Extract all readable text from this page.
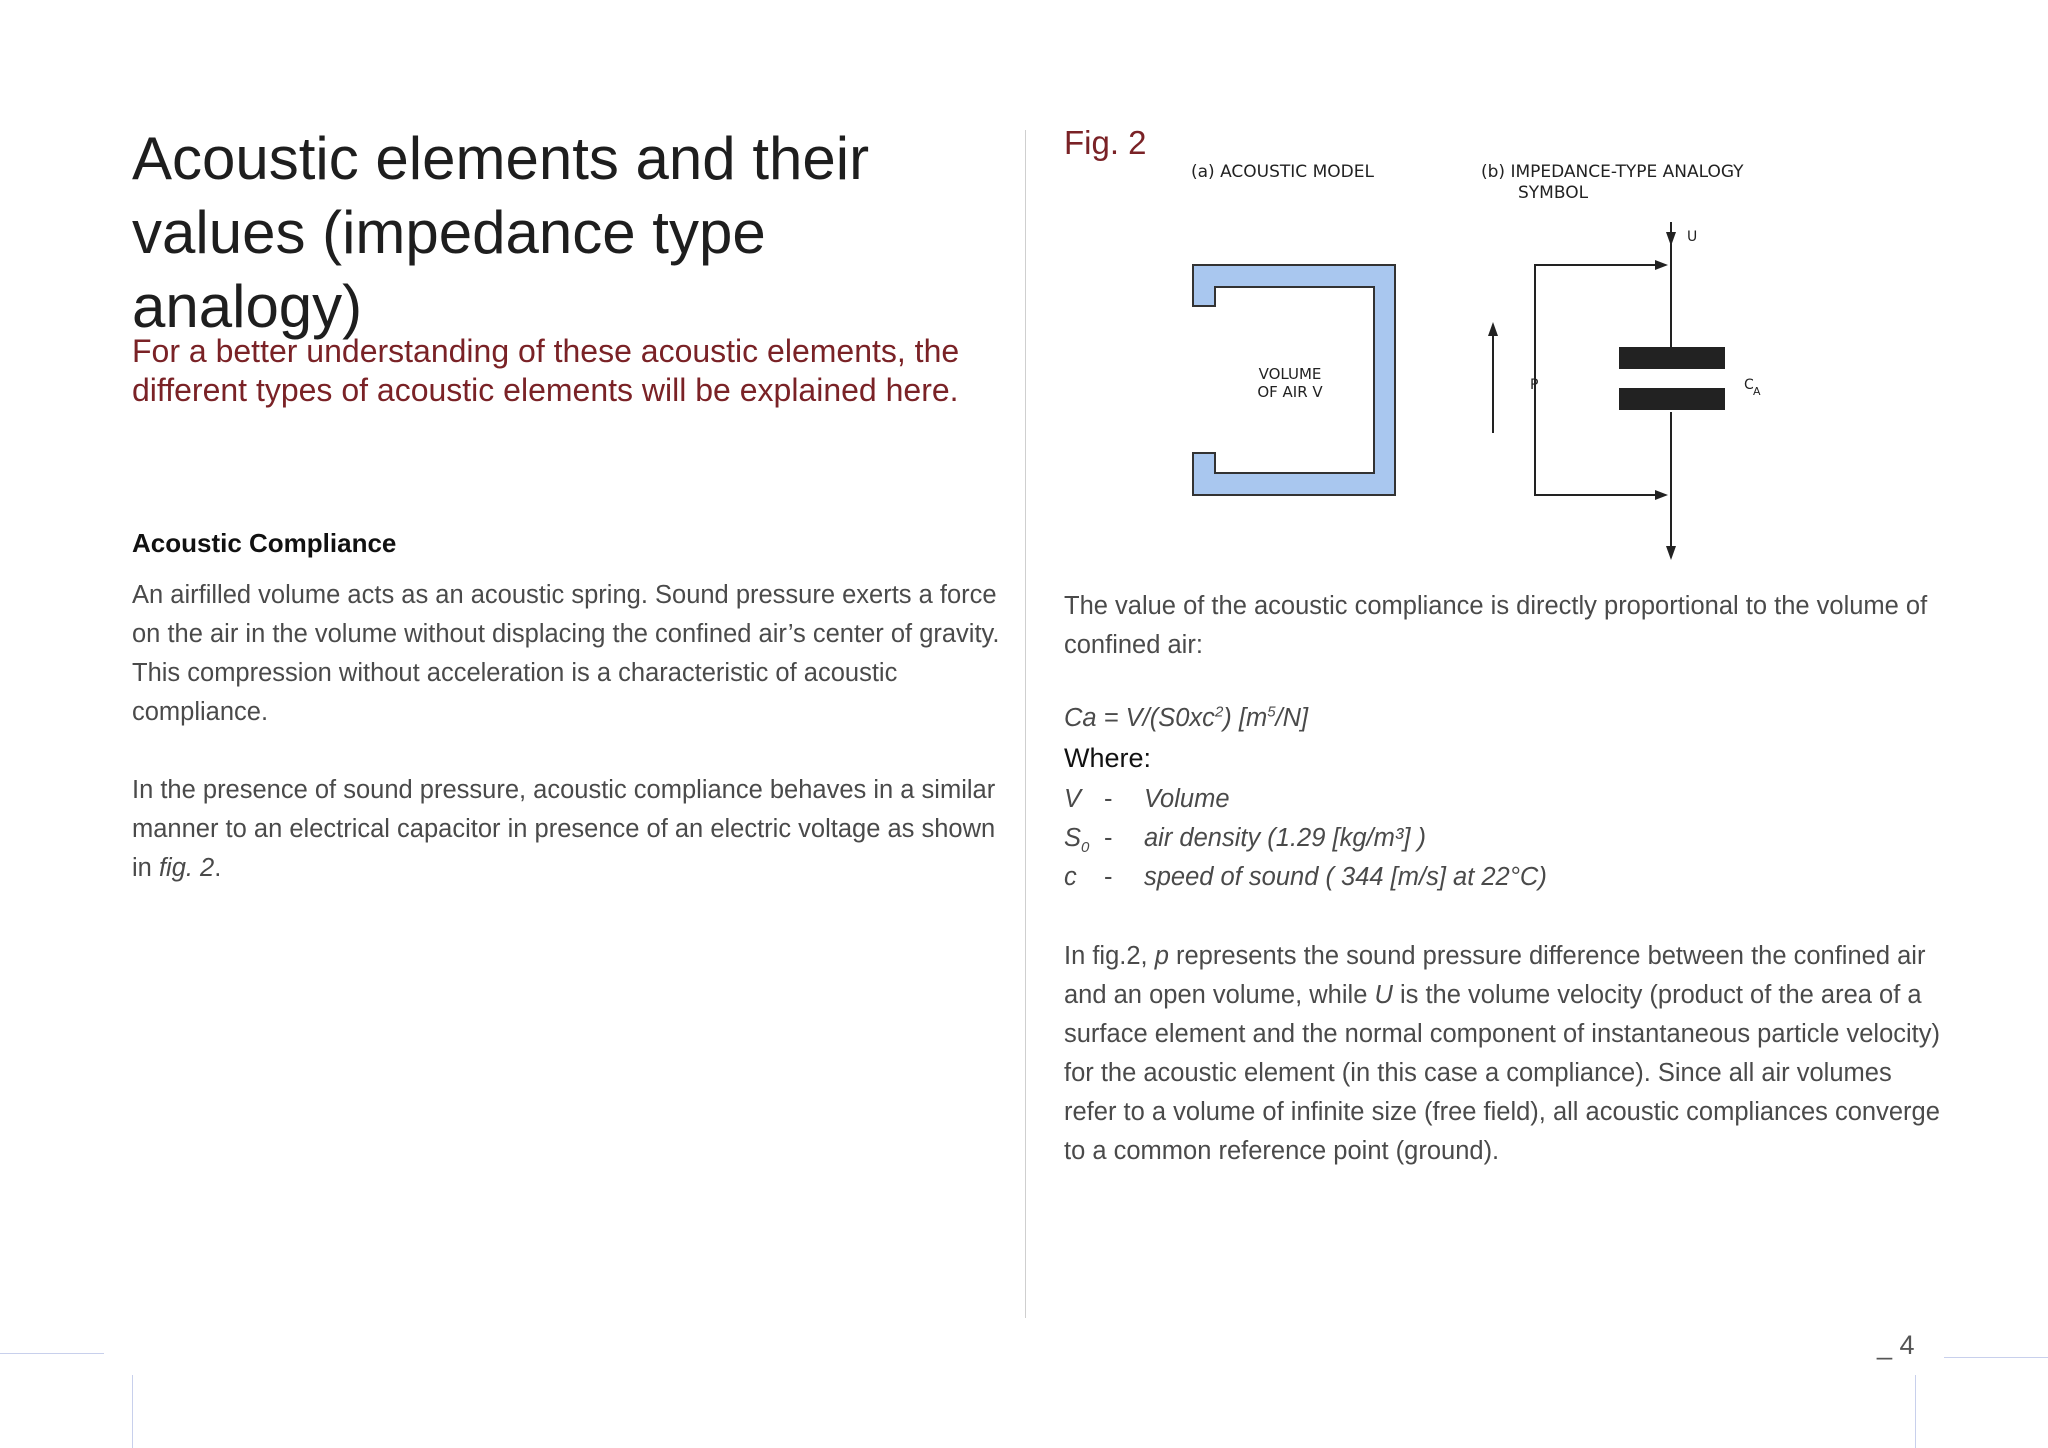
Acoustic elements and their values (impedance type analogy)
For a better understanding of these acoustic elements, the different types of acoustic elements will be explained here.
Acoustic Compliance
An airfilled volume acts as an acoustic spring. Sound pressure exerts a force on the air in the volume without displacing the confined air’s center of gravity. This compression without acceleration is a characteristic of acoustic compliance.
In the presence of sound pressure, acoustic compliance behaves in a similar manner to an electrical capacitor in presence of an electric voltage as shown in fig. 2.
Fig. 2
(a) ACOUSTIC MODEL	(b) IMPEDANCE-TYPE ANALOGY
SYMBOL
VOLUME
OF AIR V
U
P	C A
The value of the acoustic compliance is directly proportional to the volume of confined air:
$Ca = V/(S0xc^2)$ $[m^5/N]$
Where:
V -	Volume
$S_0$ -	air density (1.29 [kg/m³] )
c	-	speed of sound ( 344 [m/s] at 22°C)
In fig.2, p represents the sound pressure difference between the confined air and an open volume, while U is the volume velocity (product of the area of a surface element and the normal component of instantaneous particle velocity) for the acoustic element (in this case a compliance). Since all air volumes refer to a volume of infinite size (free field), all acoustic compliances converge to a common reference point (ground).
_ 4
